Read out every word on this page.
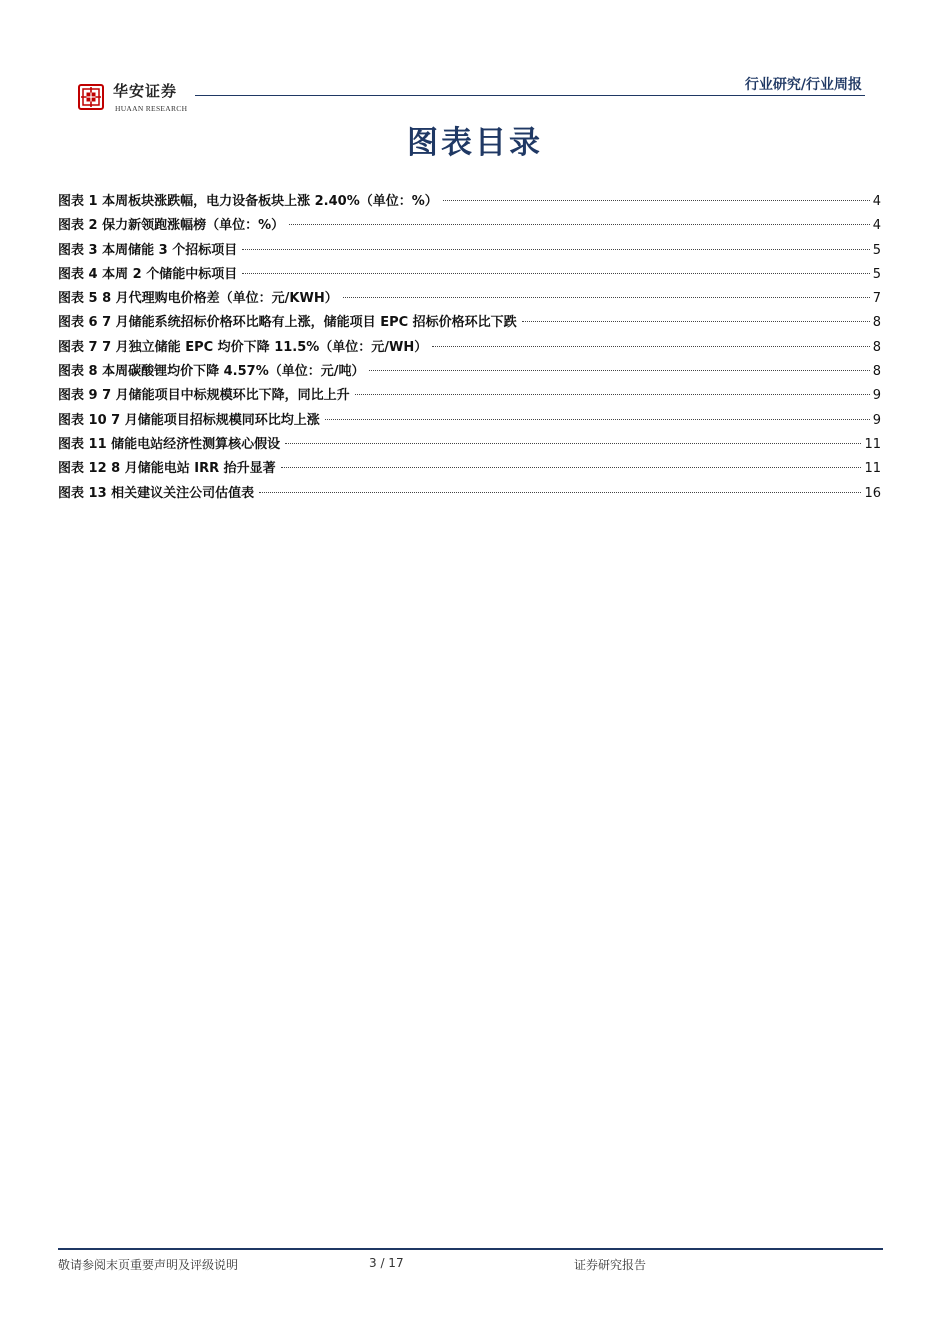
华安证券
HUAAN RESEARCH
行业研究/行业周报
图表目录
图表 1 本周板块涨跌幅，电力设备板块上涨 2.40%（单位：%）	4
图表 2 保力新领跑涨幅榜（单位：%）	4
图表 3 本周储能 3 个招标项目	5
图表 4 本周 2 个储能中标项目	5
图表 5 8 月代理购电价格差（单位：元/KWH）	7
图表 6 7 月储能系统招标价格环比略有上涨，储能项目 EPC 招标价格环比下跌	8
图表 7 7 月独立储能 EPC 均价下降 11.5%（单位：元/WH）	8
图表 8 本周碳酸锂均价下降 4.57%（单位：元/吨）	8
图表 9 7 月储能项目中标规模环比下降，同比上升	9
图表 10 7 月储能项目招标规模同环比均上涨	9
图表 11 储能电站经济性测算核心假设	11
图表 12 8 月储能电站 IRR 抬升显著	11
图表 13 相关建议关注公司估值表	16
敬请参阅末页重要声明及评级说明	3 / 17	证券研究报告
